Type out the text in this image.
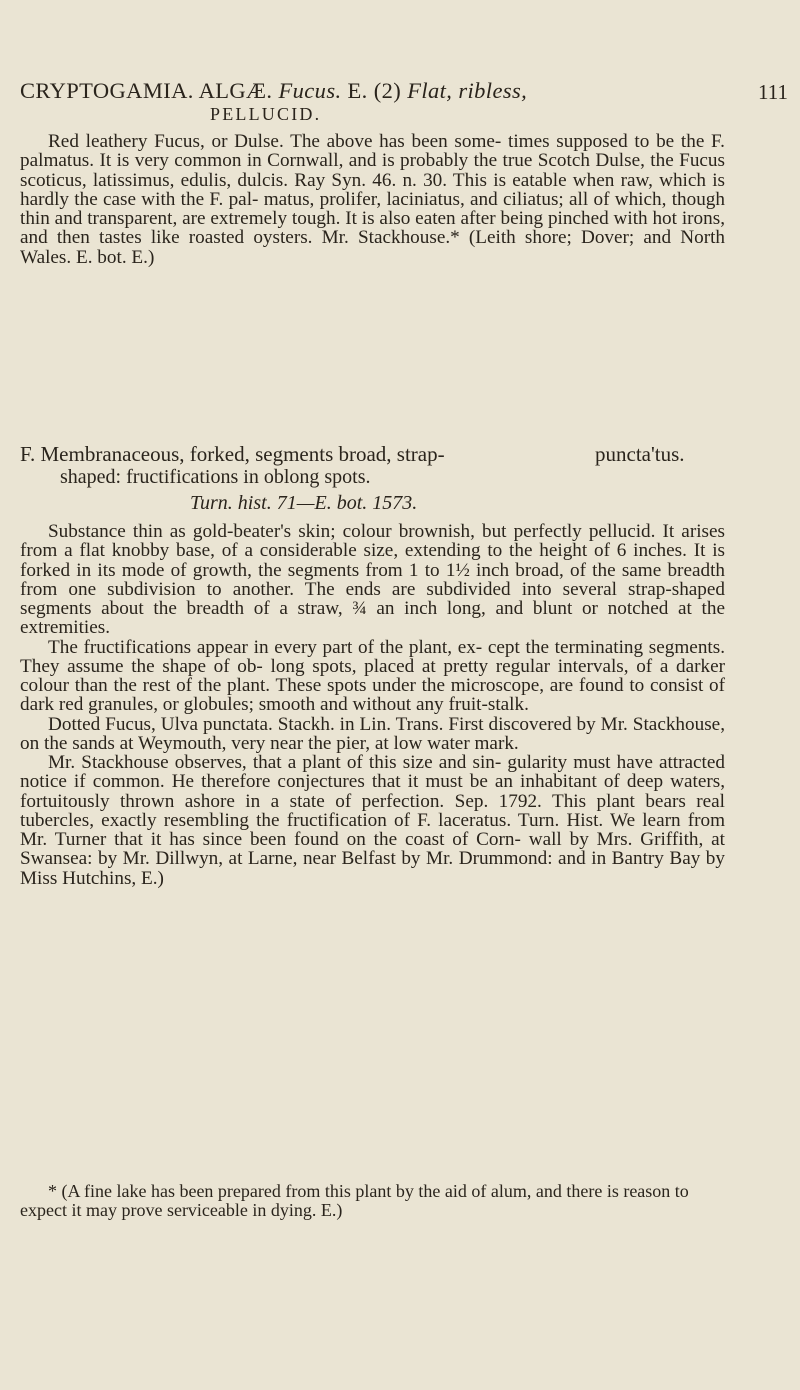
CRYPTOGAMIA. ALGÆ. Fucus. E. (2) Flat, ribless,	111
PELLUCID.

Red leathery Fucus, or Dulse. The above has been some- times supposed to be the F. palmatus. It is very common in Cornwall, and is probably the true Scotch Dulse, the Fucus scoticus, latissimus, edulis, dulcis. Ray Syn. 46. n. 30. This is eatable when raw, which is hardly the case with the F. pal- matus, prolifer, laciniatus, and ciliatus; all of which, though thin and transparent, are extremely tough. It is also eaten after being pinched with hot irons, and then tastes like roasted oysters. Mr. Stackhouse.* (Leith shore; Dover; and North Wales. E. bot. E.)

F. Membranaceous, forked, segments broad, strap-	puncta'tus.
shaped: fructifications in oblong spots.
Turn. hist. 71—E. bot. 1573.

Substance thin as gold-beater's skin; colour brownish, but perfectly pellucid. It arises from a flat knobby base, of a considerable size, extending to the height of 6 inches. It is forked in its mode of growth, the segments from 1 to 1½ inch broad, of the same breadth from one subdivision to another. The ends are subdivided into several strap-shaped segments about the breadth of a straw, ¾ an inch long, and blunt or notched at the extremities.

The fructifications appear in every part of the plant, ex- cept the terminating segments. They assume the shape of ob- long spots, placed at pretty regular intervals, of a darker colour than the rest of the plant. These spots under the microscope, are found to consist of dark red granules, or globules; smooth and without any fruit-stalk.

Dotted Fucus, Ulva punctata. Stackh. in Lin. Trans. First discovered by Mr. Stackhouse, on the sands at Weymouth, very near the pier, at low water mark.

Mr. Stackhouse observes, that a plant of this size and sin- gularity must have attracted notice if common. He therefore conjectures that it must be an inhabitant of deep waters, fortuitously thrown ashore in a state of perfection. Sep. 1792. This plant bears real tubercles, exactly resembling the fructification of F. laceratus. Turn. Hist. We learn from Mr. Turner that it has since been found on the coast of Corn- wall by Mrs. Griffith, at Swansea: by Mr. Dillwyn, at Larne, near Belfast by Mr. Drummond: and in Bantry Bay by Miss Hutchins, E.)

* (A fine lake has been prepared from this plant by the aid of alum, and there is reason to expect it may prove serviceable in dying. E.)
